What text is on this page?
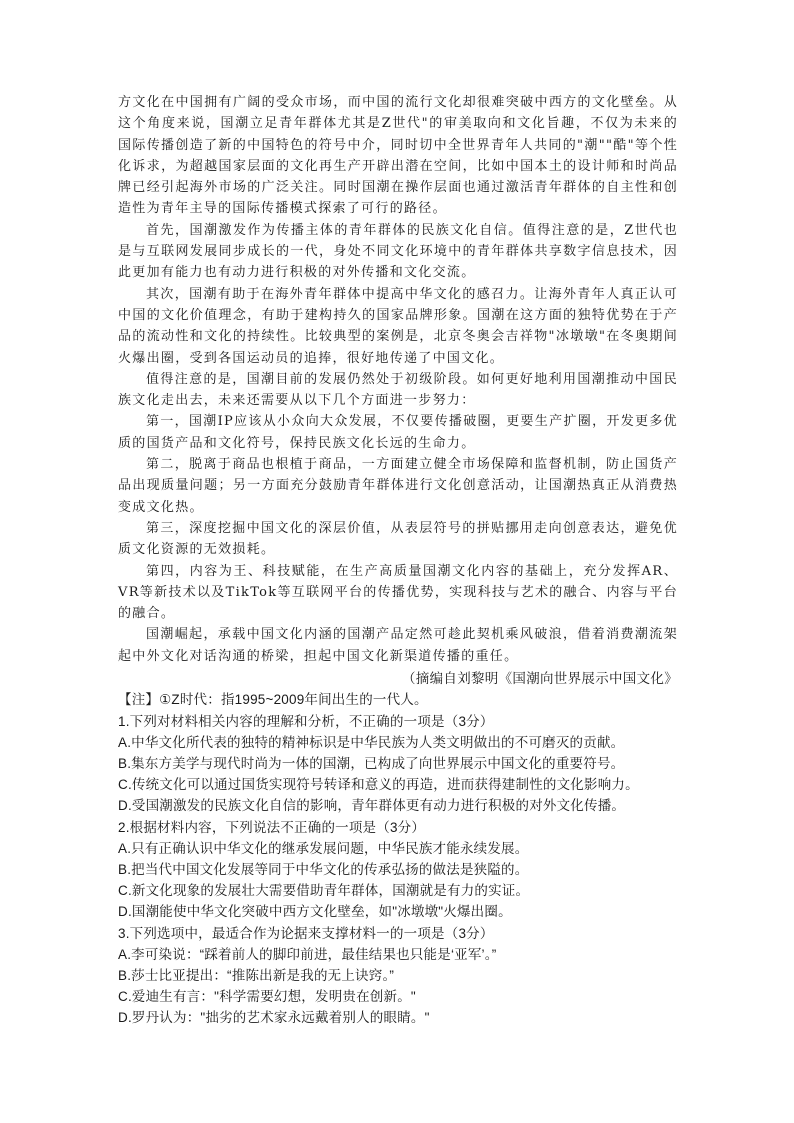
方文化在中国拥有广阔的受众市场，而中国的流行文化却很难突破中西方的文化壁垒。从这个角度来说，国潮立足青年群体尤其是Z世代"的审美取向和文化旨趣，不仅为未来的国际传播创造了新的中国特色的符号中介，同时切中全世界青年人共同的"潮""酷"等个性化诉求，为超越国家层面的文化再生产开辟出潜在空间，比如中国本土的设计师和时尚品牌已经引起海外市场的广泛关注。同时国潮在操作层面也通过激活青年群体的自主性和创造性为青年主导的国际传播模式探索了可行的路径。

首先，国潮激发作为传播主体的青年群体的民族文化自信。值得注意的是，Z世代也是与互联网发展同步成长的一代，身处不同文化环境中的青年群体共享数字信息技术，因此更加有能力也有动力进行积极的对外传播和文化交流。

其次，国潮有助于在海外青年群体中提高中华文化的感召力。让海外青年人真正认可中国的文化价值理念，有助于建构持久的国家品牌形象。国潮在这方面的独特优势在于产品的流动性和文化的持续性。比较典型的案例是，北京冬奥会吉祥物"冰墩墩"在冬奥期间火爆出圈，受到各国运动员的追捧，很好地传递了中国文化。

值得注意的是，国潮目前的发展仍然处于初级阶段。如何更好地利用国潮推动中国民族文化走出去，未来还需要从以下几个方面进一步努力：

第一，国潮IP应该从小众向大众发展，不仅要传播破圈，更要生产扩圈，开发更多优质的国货产品和文化符号，保持民族文化长远的生命力。

第二，脱离于商品也根植于商品，一方面建立健全市场保障和监督机制，防止国货产品出现质量问题；另一方面充分鼓励青年群体进行文化创意活动，让国潮热真正从消费热变成文化热。

第三，深度挖掘中国文化的深层价值，从表层符号的拼贴挪用走向创意表达，避免优质文化资源的无效损耗。

第四，内容为王、科技赋能，在生产高质量国潮文化内容的基础上，充分发挥AR、VR等新技术以及TikTok等互联网平台的传播优势，实现科技与艺术的融合、内容与平台的融合。

国潮崛起，承载中国文化内涵的国潮产品定然可趁此契机乘风破浪，借着消费潮流架起中外文化对话沟通的桥梁，担起中国文化新渠道传播的重任。

（摘编自刘黎明《国潮向世界展示中国文化》
【注】①Z时代：指1995~2009年间出生的一代人。
1.下列对材料相关内容的理解和分析，不正确的一项是（3分）
A.中华文化所代表的独特的精神标识是中华民族为人类文明做出的不可磨灭的贡献。
B.集东方美学与现代时尚为一体的国潮，已构成了向世界展示中国文化的重要符号。
C.传统文化可以通过国货实现符号转译和意义的再造，进而获得建制性的文化影响力。
D.受国潮激发的民族文化自信的影响，青年群体更有动力进行积极的对外文化传播。
2.根据材料内容，下列说法不正确的一项是（3分）
A.只有正确认识中华文化的继承发展问题，中华民族才能永续发展。
B.把当代中国文化发展等同于中华文化的传承弘扬的做法是狭隘的。
C.新文化现象的发展壮大需要借助青年群体，国潮就是有力的实证。
D.国潮能使中华文化突破中西方文化壁垒，如"冰墩墩"火爆出圈。
3.下列选项中，最适合作为论据来支撑材料一的一项是（3分）
A.李可染说：“踩着前人的脚印前进，最佳结果也只能是‘亚军’。”
B.莎士比亚提出：“推陈出新是我的无上诀窍。”
C.爱迪生有言："科学需要幻想，发明贵在创新。"
D.罗丹认为："拙劣的艺术家永远戴着别人的眼睛。"
